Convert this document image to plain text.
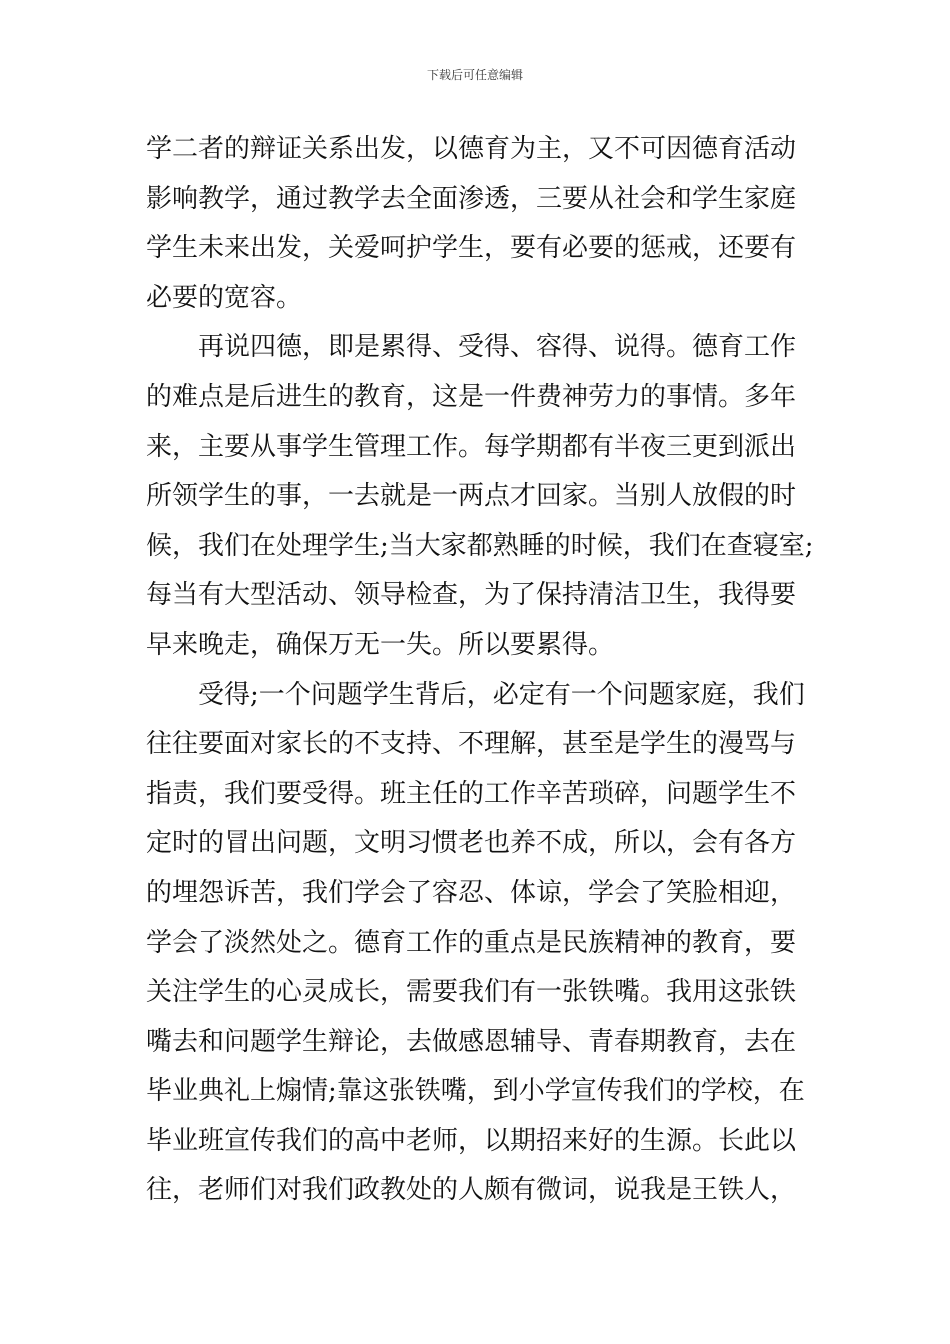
下载后可任意编辑
学二者的辩证关系出发，以德育为主，又不可因德育活动
影响教学，通过教学去全面渗透，三要从社会和学生家庭
学生未来出发，关爱呵护学生，要有必要的惩戒，还要有
必要的宽容。
再说四德，即是累得、受得、容得、说得。德育工作
的难点是后进生的教育，这是一件费神劳力的事情。多年
来，主要从事学生管理工作。每学期都有半夜三更到派出
所领学生的事，一去就是一两点才回家。当别人放假的时
候，我们在处理学生;当大家都熟睡的时候，我们在查寝室;
每当有大型活动、领导检查，为了保持清洁卫生，我得要
早来晚走，确保万无一失。所以要累得。
受得;一个问题学生背后，必定有一个问题家庭，我们
往往要面对家长的不支持、不理解，甚至是学生的漫骂与
指责，我们要受得。班主任的工作辛苦琐碎，问题学生不
定时的冒出问题，文明习惯老也养不成，所以，会有各方
的埋怨诉苦，我们学会了容忍、体谅，学会了笑脸相迎，
学会了淡然处之。德育工作的重点是民族精神的教育，要
关注学生的心灵成长，需要我们有一张铁嘴。我用这张铁
嘴去和问题学生辩论，去做感恩辅导、青春期教育，去在
毕业典礼上煽情;靠这张铁嘴，到小学宣传我们的学校，在
毕业班宣传我们的高中老师，以期招来好的生源。长此以
往，老师们对我们政教处的人颇有微词，说我是王铁人，
